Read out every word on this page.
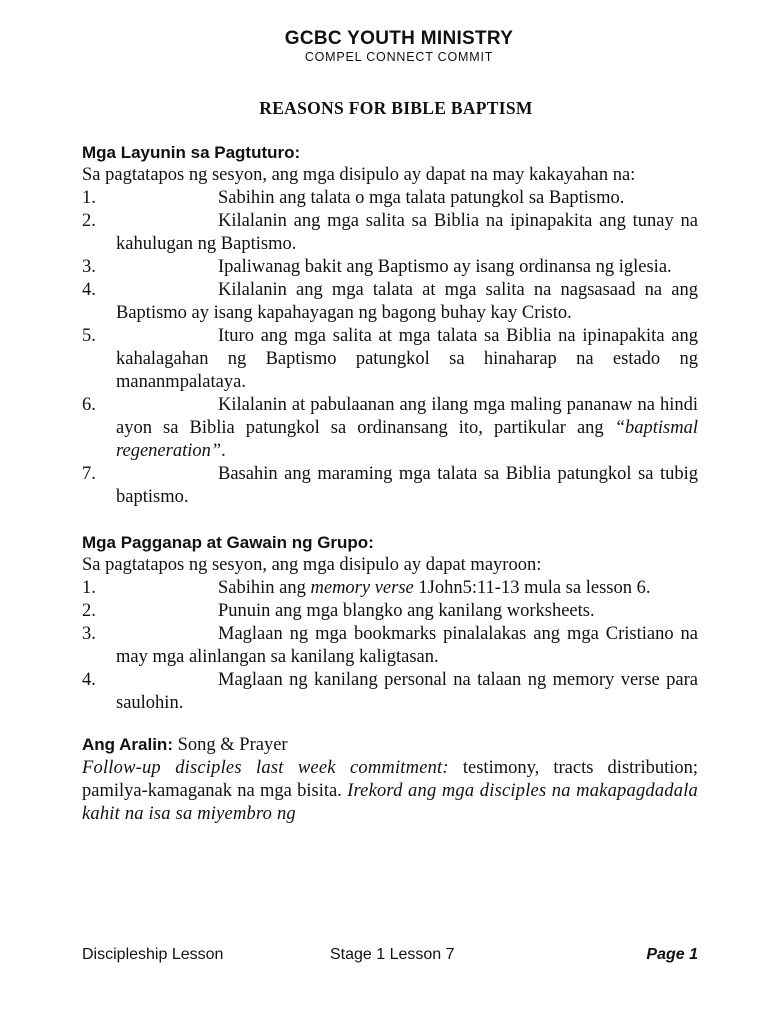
GCBC YOUTH MINISTRY
COMPEL CONNECT COMMIT
REASONS FOR BIBLE BAPTISM
Mga Layunin sa Pagtuturo:
Sa pagtatapos ng sesyon, ang mga disipulo ay dapat na may kakayahan na:
1.	Sabihin ang talata o mga talata patungkol sa Baptismo.
2.	Kilalanin ang mga salita sa Biblia na ipinapakita ang tunay na kahulugan ng Baptismo.
3.	Ipaliwanag bakit ang Baptismo ay isang ordinansa ng iglesia.
4.	Kilalanin ang mga talata at mga salita na nagsasaad na ang Baptismo ay isang kapahayagan ng bagong buhay kay Cristo.
5.	Ituro ang mga salita at mga talata sa Biblia na ipinapakita ang kahalagahan ng Baptismo patungkol sa hinaharap na estado ng mananmpalataya.
6.	Kilalanin at pabulaanan ang ilang mga maling pananaw na hindi ayon sa Biblia patungkol sa ordinansang ito, partikular ang “baptismal regeneration”.
7.	Basahin ang maraming mga talata sa Biblia patungkol sa tubig baptismo.
Mga Pagganap at Gawain ng Grupo:
Sa pagtatapos ng sesyon, ang mga disipulo ay dapat mayroon:
1.	Sabihin ang memory verse 1John5:11-13 mula sa lesson 6.
2.	Punuin ang mga blangko ang kanilang worksheets.
3.	Maglaan ng mga bookmarks pinalalakas ang mga Cristiano na may mga alinlangan sa kanilang kaligtasan.
4.	Maglaan ng kanilang personal na talaan ng memory verse para saulohin.
Ang Aralin: Song & Prayer
Follow-up disciples last week commitment: testimony, tracts distribution; pamilya-kamaganak na mga bisita. Irekord ang mga disciples na makapagdadala kahit na isa sa miyembro ng
Discipleship Lesson	Stage 1 Lesson 7	Page 1
